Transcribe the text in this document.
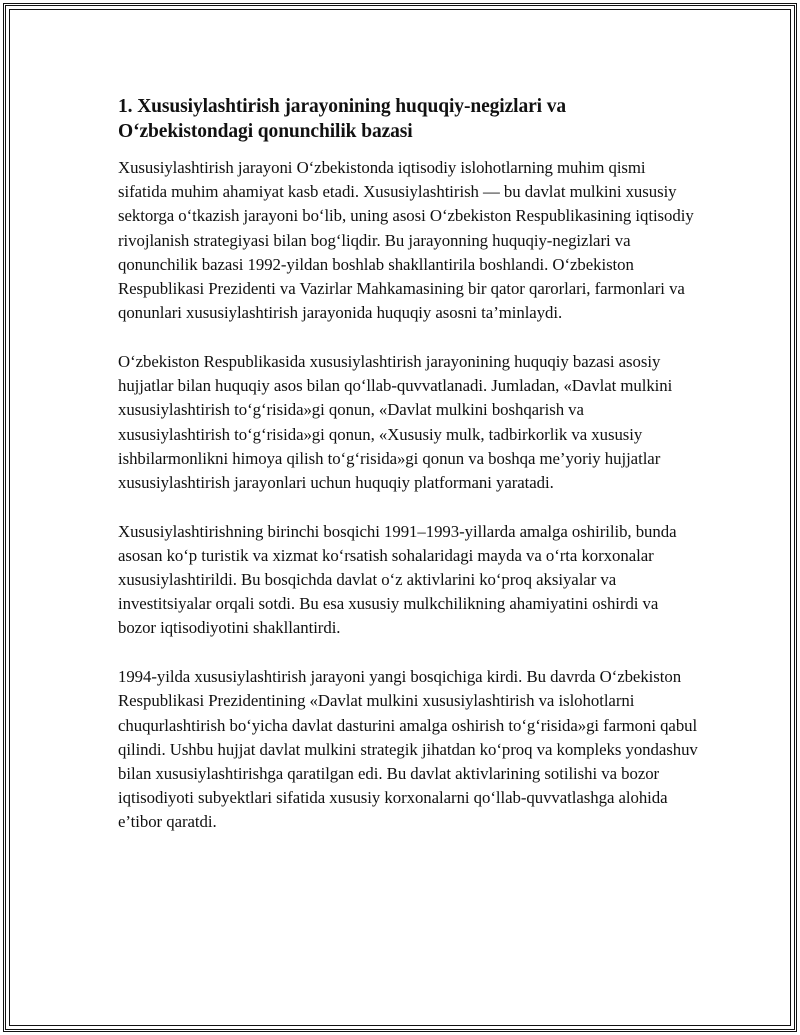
1. Xususiylashtirish jarayonining huquqiy-negizlari va O‘zbekistondagi qonunchilik bazasi

Xususiylashtirish jarayoni O‘zbekistonda iqtisodiy islohotlarning muhim qismi sifatida muhim ahamiyat kasb etadi. Xususiylashtirish — bu davlat mulkini xususiy sektorga o‘tkazish jarayoni bo‘lib, uning asosi O‘zbekiston Respublikasining iqtisodiy rivojlanish strategiyasi bilan bog‘liqdir. Bu jarayonning huquqiy-negizlari va qonunchilik bazasi 1992-yildan boshlab shakllantirila boshlandi. O‘zbekiston Respublikasi Prezidenti va Vazirlar Mahkamasining bir qator qarorlari, farmonlari va qonunlari xususiylashtirish jarayonida huquqiy asosni ta’minlaydi.

O‘zbekiston Respublikasida xususiylashtirish jarayonining huquqiy bazasi asosiy hujjatlar bilan huquqiy asos bilan qo‘llab-quvvatlanadi. Jumladan, «Davlat mulkini xususiylashtirish to‘g‘risida»gi qonun, «Davlat mulkini boshqarish va xususiylashtirish to‘g‘risida»gi qonun, «Xususiy mulk, tadbirkorlik va xususiy ishbilarmonlikni himoya qilish to‘g‘risida»gi qonun va boshqa me’yoriy hujjatlar xususiylashtirish jarayonlari uchun huquqiy platformani yaratadi.

Xususiylashtirishning birinchi bosqichi 1991–1993-yillarda amalga oshirilib, bunda asosan ko‘p turistik va xizmat ko‘rsatish sohalaridagi mayda va o‘rta korxonalar xususiylashtirildi. Bu bosqichda davlat o‘z aktivlarini ko‘proq aksiyalar va investitsiyalar orqali sotdi. Bu esa xususiy mulkchilikning ahamiyatini oshirdi va bozor iqtisodiyotini shakllantirdi.

1994-yilda xususiylashtirish jarayoni yangi bosqichiga kirdi. Bu davrda O‘zbekiston Respublikasi Prezidentining «Davlat mulkini xususiylashtirish va islohotlarni chuqurlashtirish bo‘yicha davlat dasturini amalga oshirish to‘g‘risida»gi farmoni qabul qilindi. Ushbu hujjat davlat mulkini strategik jihatdan ko‘proq va kompleks yondashuv bilan xususiylashtirishga qaratilgan edi. Bu davlat aktivlarining sotilishi va bozor iqtisodiyoti subyektlari sifatida xususiy korxonalarni qo‘llab-quvvatlashga alohida e’tibor qaratdi.
